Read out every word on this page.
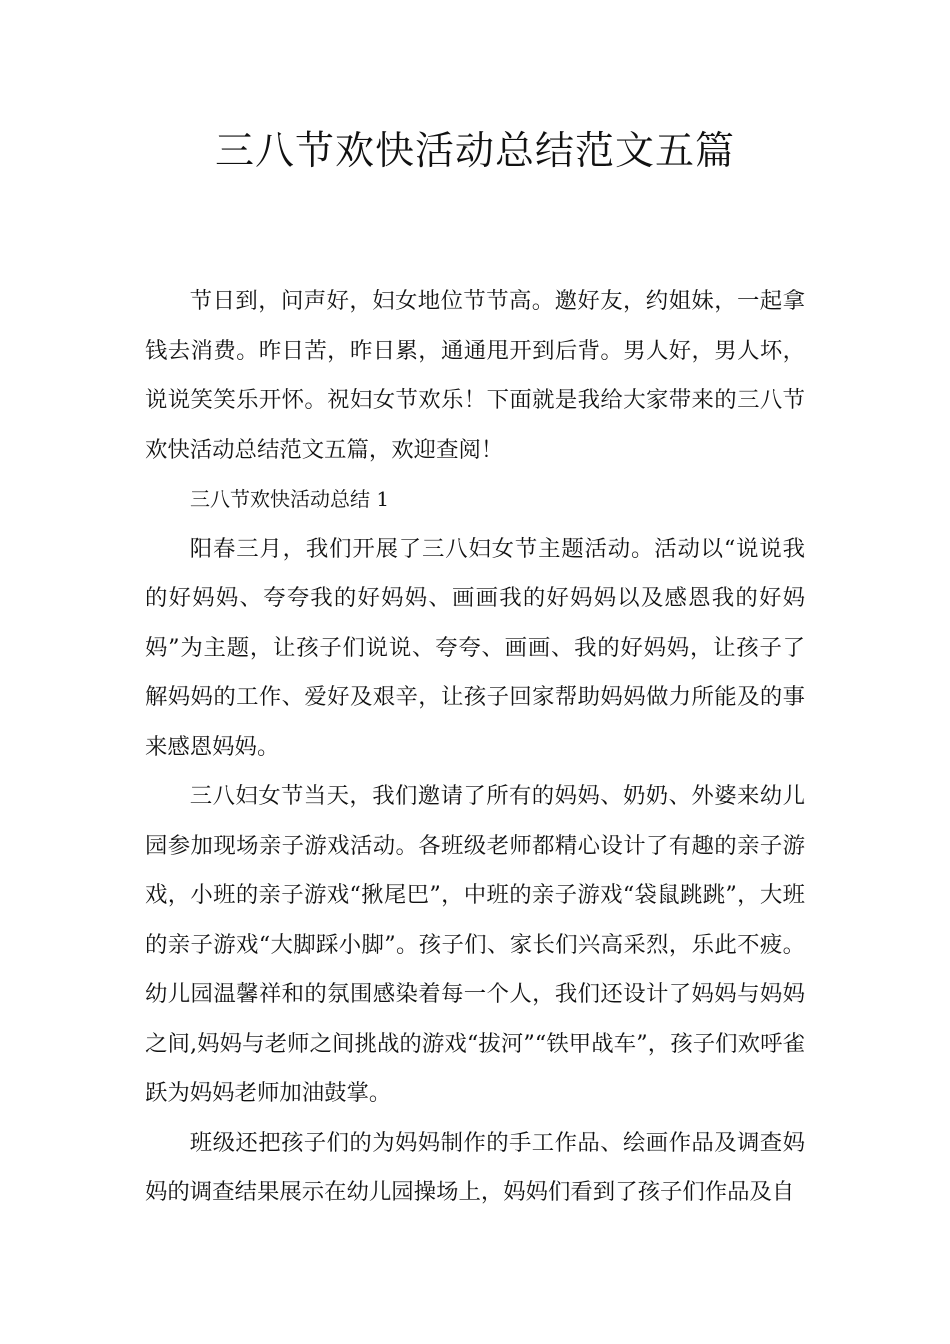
三八节欢快活动总结范文五篇

节日到，问声好，妇女地位节节高。邀好友，约姐妹，一起拿钱去消费。昨日苦，昨日累，通通甩开到后背。男人好，男人坏，说说笑笑乐开怀。祝妇女节欢乐！下面就是我给大家带来的三八节欢快活动总结范文五篇，欢迎查阅！

三八节欢快活动总结 1

阳春三月，我们开展了三八妇女节主题活动。活动以“说说我的好妈妈、夸夸我的好妈妈、画画我的好妈妈以及感恩我的好妈妈”为主题，让孩子们说说、夸夸、画画、我的好妈妈，让孩子了解妈妈的工作、爱好及艰辛，让孩子回家帮助妈妈做力所能及的事来感恩妈妈。

三八妇女节当天，我们邀请了所有的妈妈、奶奶、外婆来幼儿园参加现场亲子游戏活动。各班级老师都精心设计了有趣的亲子游戏，小班的亲子游戏“揪尾巴”，中班的亲子游戏“袋鼠跳跳”，大班的亲子游戏“大脚踩小脚”。孩子们、家长们兴高采烈，乐此不疲。幼儿园温馨祥和的氛围感染着每一个人，我们还设计了妈妈与妈妈之间,妈妈与老师之间挑战的游戏“拔河”“铁甲战车”，孩子们欢呼雀跃为妈妈老师加油鼓掌。

班级还把孩子们的为妈妈制作的手工作品、绘画作品及调查妈妈的调查结果展示在幼儿园操场上，妈妈们看到了孩子们作品及自
